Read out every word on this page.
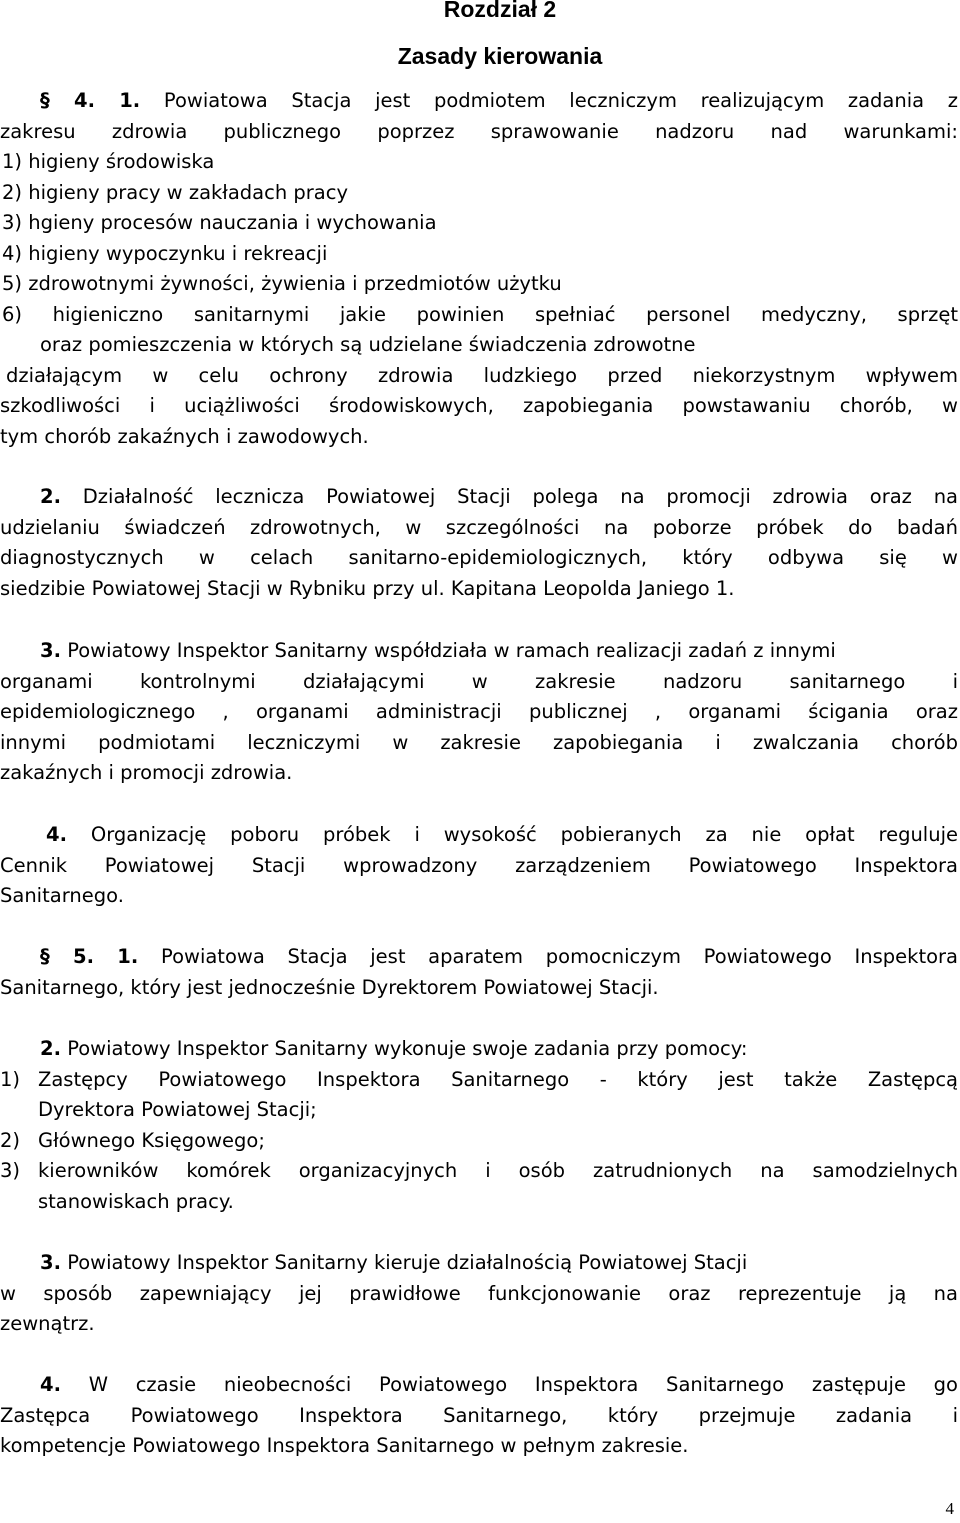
Rozdział 2
Zasady kierowania

§ 4. 1. Powiatowa Stacja jest podmiotem leczniczym realizującym zadania z

zakresu zdrowia publicznego poprzez sprawowanie nadzoru nad warunkami:

1) higieny środowiska

2) higieny pracy w zakładach pracy

3) hgieny procesów nauczania i wychowania

4) higieny wypoczynku i rekreacji

5) zdrowotnymi żywności, żywienia i przedmiotów użytku

6) higieniczno sanitarnymi jakie powinien spełniać personel medyczny, sprzęt

oraz pomieszczenia w których są udzielane świadczenia zdrowotne

działającym w celu ochrony zdrowia ludzkiego przed niekorzystnym wpływem

szkodliwości i uciążliwości środowiskowych, zapobiegania powstawaniu chorób, w

tym chorób zakaźnych i zawodowych.

2. Działalność lecznicza Powiatowej Stacji polega na promocji zdrowia oraz na

udzielaniu świadczeń zdrowotnych, w szczególności na poborze próbek do badań

diagnostycznych w celach sanitarno-epidemiologicznych, który odbywa się w

siedzibie Powiatowej Stacji w Rybniku przy ul. Kapitana Leopolda Janiego 1.

3. Powiatowy Inspektor Sanitarny współdziała w ramach realizacji zadań z innymi

organami kontrolnymi działającymi w zakresie nadzoru sanitarnego i

epidemiologicznego , organami administracji publicznej , organami ścigania oraz

innymi podmiotami leczniczymi w zakresie zapobiegania i zwalczania chorób

zakaźnych i promocji zdrowia.

4. Organizację poboru próbek i wysokość pobieranych za nie opłat reguluje

Cennik Powiatowej Stacji wprowadzony zarządzeniem Powiatowego Inspektora

Sanitarnego.

§ 5. 1. Powiatowa Stacja jest aparatem pomocniczym Powiatowego Inspektora

Sanitarnego, który jest jednocześnie Dyrektorem Powiatowej Stacji.

2. Powiatowy Inspektor Sanitarny wykonuje swoje zadania przy pomocy:

1) Zastępcy Powiatowego Inspektora Sanitarnego - który jest także Zastępcą

Dyrektora Powiatowej Stacji;

2) Głównego Księgowego;

3) kierowników komórek organizacyjnych i osób zatrudnionych na samodzielnych

stanowiskach pracy.

3. Powiatowy Inspektor Sanitarny kieruje działalnością Powiatowej Stacji

w sposób zapewniający jej prawidłowe funkcjonowanie oraz reprezentuje ją na

zewnątrz.

4. W czasie nieobecności Powiatowego Inspektora Sanitarnego zastępuje go

Zastępca Powiatowego Inspektora Sanitarnego, który przejmuje zadania i

kompetencje Powiatowego Inspektora Sanitarnego w pełnym zakresie.

4
